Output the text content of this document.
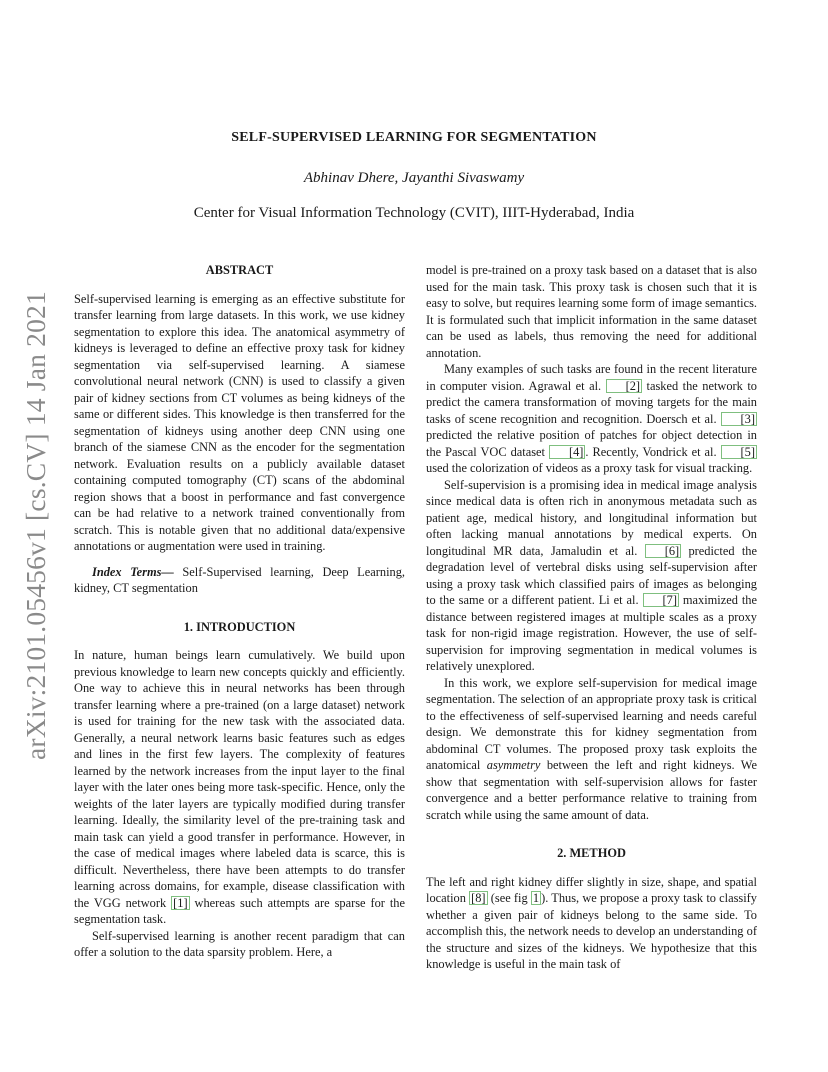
arXiv:2101.05456v1 [cs.CV] 14 Jan 2021
SELF-SUPERVISED LEARNING FOR SEGMENTATION
Abhinav Dhere, Jayanthi Sivaswamy
Center for Visual Information Technology (CVIT), IIIT-Hyderabad, India
ABSTRACT

Self-supervised learning is emerging as an effective substitute for transfer learning from large datasets. In this work, we use kidney segmentation to explore this idea. The anatomical asymmetry of kidneys is leveraged to define an effective proxy task for kidney segmentation via self-supervised learning. A siamese convolutional neural network (CNN) is used to classify a given pair of kidney sections from CT volumes as being kidneys of the same or different sides. This knowledge is then transferred for the segmentation of kidneys using another deep CNN using one branch of the siamese CNN as the encoder for the segmentation network. Evaluation results on a publicly available dataset containing computed tomography (CT) scans of the abdominal region shows that a boost in performance and fast convergence can be had relative to a network trained conventionally from scratch. This is notable given that no additional data/expensive annotations or augmentation were used in training.

Index Terms— Self-Supervised learning, Deep Learning, kidney, CT segmentation

1. INTRODUCTION

In nature, human beings learn cumulatively. We build upon previous knowledge to learn new concepts quickly and efficiently. One way to achieve this in neural networks has been through transfer learning where a pre-trained (on a large dataset) network is used for training for the new task with the associated data. Generally, a neural network learns basic features such as edges and lines in the first few layers. The complexity of features learned by the network increases from the input layer to the final layer with the later ones being more task-specific. Hence, only the weights of the later layers are typically modified during transfer learning. Ideally, the similarity level of the pre-training task and main task can yield a good transfer in performance. However, in the case of medical images where labeled data is scarce, this is difficult. Nevertheless, there have been attempts to do transfer learning across domains, for example, disease classification with the VGG network [1] whereas such attempts are sparse for the segmentation task.

Self-supervised learning is another recent paradigm that can offer a solution to the data sparsity problem. Here, a

model is pre-trained on a proxy task based on a dataset that is also used for the main task. This proxy task is chosen such that it is easy to solve, but requires learning some form of image semantics. It is formulated such that implicit information in the same dataset can be used as labels, thus removing the need for additional annotation.

Many examples of such tasks are found in the recent literature in computer vision. Agrawal et al. [2] tasked the network to predict the camera transformation of moving targets for the main tasks of scene recognition and recognition. Doersch et al. [3] predicted the relative position of patches for object detection in the Pascal VOC dataset [4] . Recently, Vondrick et al. [5] used the colorization of videos as a proxy task for visual tracking.

Self-supervision is a promising idea in medical image analysis since medical data is often rich in anonymous metadata such as patient age, medical history, and longitudinal information but often lacking manual annotations by medical experts. On longitudinal MR data, Jamaludin et al. [6] predicted the degradation level of vertebral disks using self-supervision after using a proxy task which classified pairs of images as belonging to the same or a different patient. Li et al. [7] maximized the distance between registered images at multiple scales as a proxy task for non-rigid image registration. However, the use of self-supervision for improving segmentation in medical volumes is relatively unexplored.

In this work, we explore self-supervision for medical image segmentation. The selection of an appropriate proxy task is critical to the effectiveness of self-supervised learning and needs careful design. We demonstrate this for kidney segmentation from abdominal CT volumes. The proposed proxy task exploits the anatomical asymmetry between the left and right kidneys. We show that segmentation with self-supervision allows for faster convergence and a better performance relative to training from scratch while using the same amount of data.

2. METHOD

The left and right kidney differ slightly in size, shape, and spatial location [8] (see fig 1 ). Thus, we propose a proxy task to classify whether a given pair of kidneys belong to the same side. To accomplish this, the network needs to develop an understanding of the structure and sizes of the kidneys. We hypothesize that this knowledge is useful in the main task of
